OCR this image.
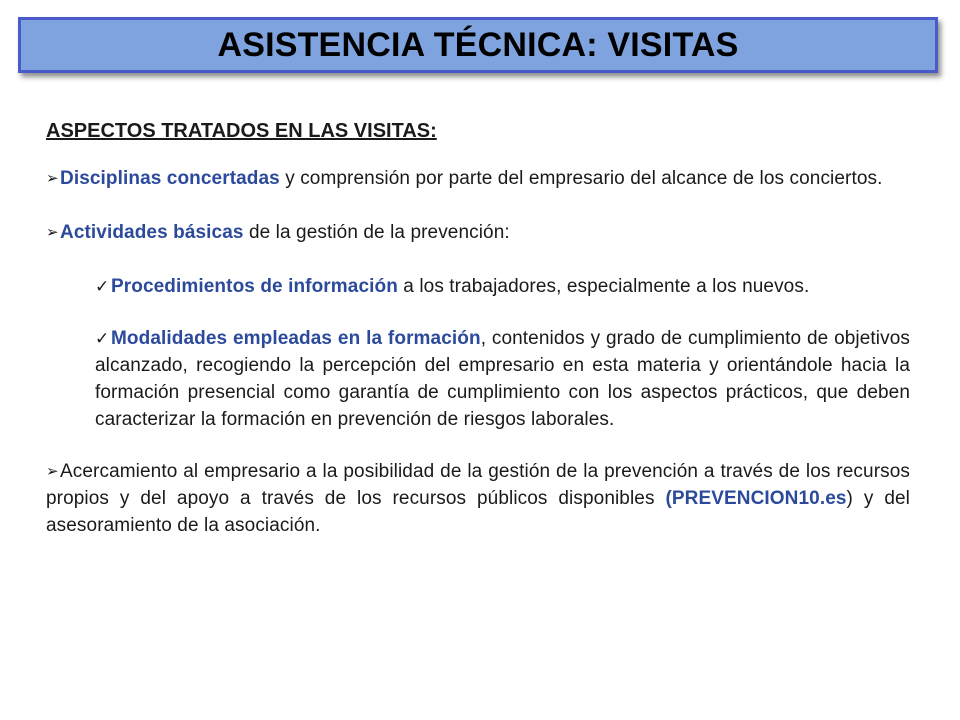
ASISTENCIA TÉCNICA: VISITAS
ASPECTOS TRATADOS EN LAS VISITAS:
➢Disciplinas concertadas y comprensión por parte del empresario del alcance de los conciertos.
➢Actividades básicas de la gestión de la prevención:
✓Procedimientos de información a los trabajadores, especialmente a los nuevos.
✓Modalidades empleadas en la formación, contenidos y grado de cumplimiento de objetivos alcanzado, recogiendo la percepción del empresario en esta materia y orientándole hacia la formación presencial como garantía de cumplimiento con los aspectos prácticos, que deben caracterizar la formación en prevención de riesgos laborales.
➢Acercamiento al empresario a la posibilidad de la gestión de la prevención a través de los recursos propios y del apoyo a través de los recursos públicos disponibles (PREVENCION10.es) y del asesoramiento de la asociación.
